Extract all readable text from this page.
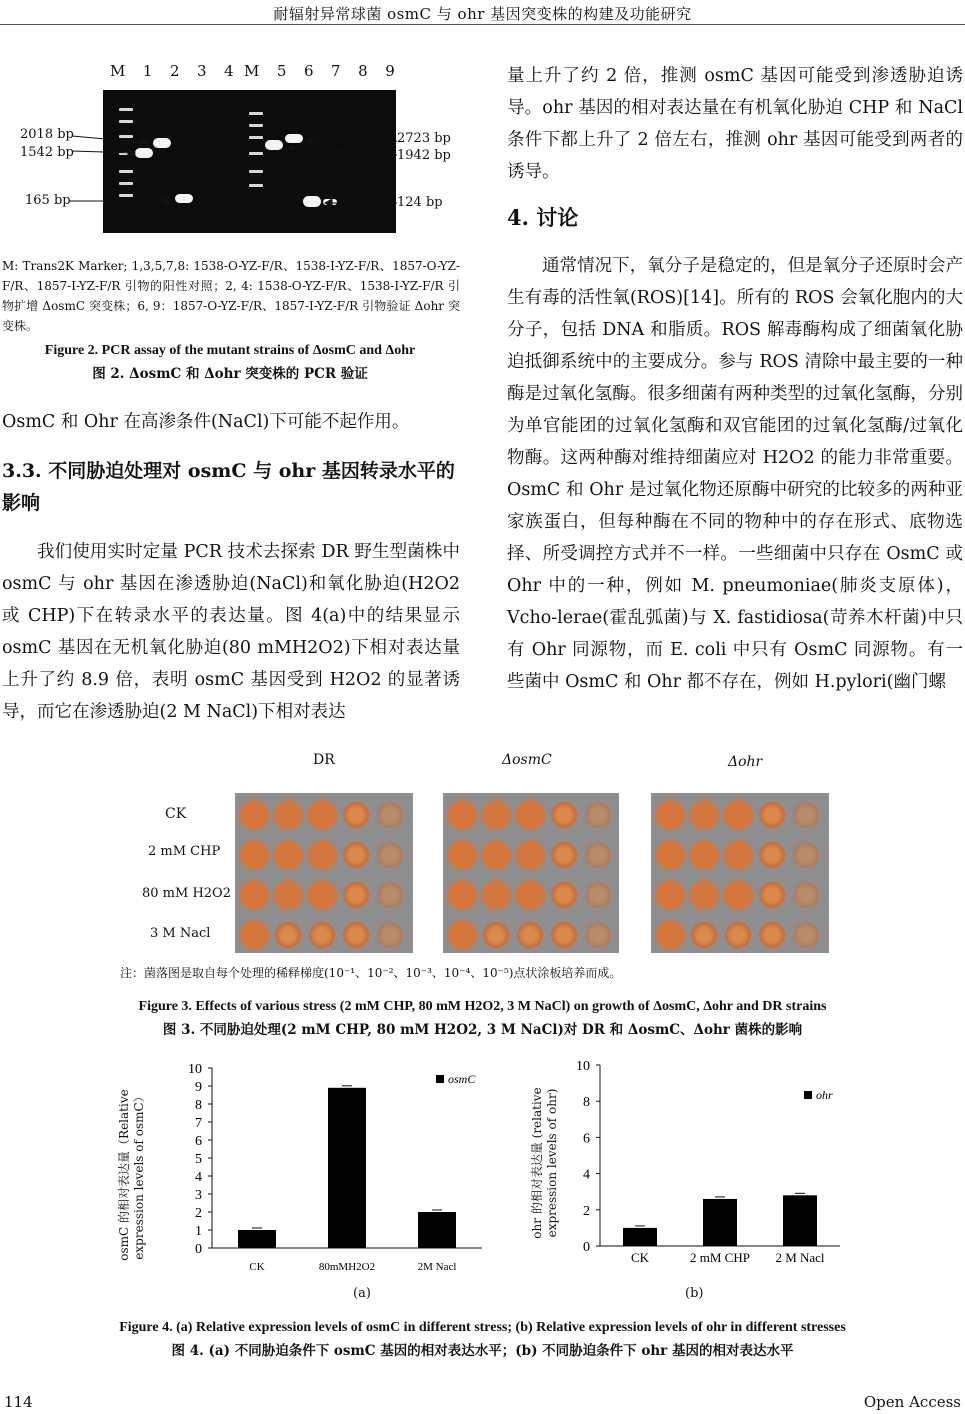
耐辐射异常球菌 osmC 与 ohr 基因突变株的构建及功能研究
M  1  2  3  4 M  5  6  7  8  9
2018 bp
1542 bp
165 bp
2723 bp
1942 bp
124 bp
M: Trans2K Marker; 1,3,5,7,8: 1538-O-YZ-F/R、1538-I-YZ-F/R、1857-O-YZ-F/R、1857-I-YZ-F/R 引物的阳性对照；2, 4: 1538-O-YZ-F/R、1538-I-YZ-F/R 引物扩增 ΔosmC 突变株；6, 9：1857-O-YZ-F/R、1857-I-YZ-F/R 引物验证 Δohr 突变株。
Figure 2. PCR assay of the mutant strains of ΔosmC and Δohr
图 2. ΔosmC 和 Δohr 突变株的 PCR 验证
OsmC 和 Ohr 在高渗条件(NaCl)下可能不起作用。
3.3. 不同胁迫处理对 osmC 与 ohr 基因转录水平的影响
我们使用实时定量 PCR 技术去探索 DR 野生型菌株中 osmC 与 ohr 基因在渗透胁迫(NaCl)和氧化胁迫(H2O2 或 CHP)下在转录水平的表达量。图 4(a)中的结果显示 osmC 基因在无机氧化胁迫(80 mMH2O2)下相对表达量上升了约 8.9 倍，表明 osmC 基因受到 H2O2 的显著诱导，而它在渗透胁迫(2 M NaCl)下相对表达
量上升了约 2 倍，推测 osmC 基因可能受到渗透胁迫诱导。ohr 基因的相对表达量在有机氧化胁迫 CHP 和 NaCl 条件下都上升了 2 倍左右，推测 ohr 基因可能受到两者的诱导。
4. 讨论
通常情况下，氧分子是稳定的，但是氧分子还原时会产生有毒的活性氧(ROS)[14]。所有的 ROS 会氧化胞内的大分子，包括 DNA 和脂质。ROS 解毒酶构成了细菌氧化胁迫抵御系统中的主要成分。参与 ROS 清除中最主要的一种酶是过氧化氢酶。很多细菌有两种类型的过氧化氢酶，分别为单官能团的过氧化氢酶和双官能团的过氧化氢酶/过氧化物酶。这两种酶对维持细菌应对 H2O2 的能力非常重要。OsmC 和 Ohr 是过氧化物还原酶中研究的比较多的两种亚家族蛋白，但每种酶在不同的物种中的存在形式、底物选择、所受调控方式并不一样。一些细菌中只存在 OsmC 或 Ohr 中的一种，例如 M. pneumoniae(肺炎支原体)，Vcho-lerae(霍乱弧菌)与 X. fastidiosa(苛养木杆菌)中只有 Ohr 同源物，而 E. coli 中只有 OsmC 同源物。有一些菌中 OsmC 和 Ohr 都不存在，例如 H.pylori(幽门螺
DR	ΔosmC	Δohr
CK
2 mM CHP
80 mM H2O2
3 M Nacl
注：菌落图是取自每个处理的稀释梯度(10⁻¹、10⁻²、10⁻³、10⁻⁴、10⁻⁵)点状涂板培养而成。
Figure 3. Effects of various stress (2 mM CHP, 80 mM H2O2, 3 M NaCl) on growth of ΔosmC, Δohr and DR strains
图 3. 不同胁迫处理(2 mM CHP, 80 mM H2O2, 3 M NaCl)对 DR 和 ΔosmC、Δohr 菌株的影响
0
1
2
3
4
5
6
7
8
9
10
CK	80mMH2O2	2M Nacl
osmC
0
2
4
6
8
10
CK	2 mM CHP 2 M Nacl
ohr
osmC 的相对表达量（Relative expression levels of osmC）	ohr 的相对表达量 (relative expression levels of ohr)
(a)	(b)
Figure 4. (a) Relative expression levels of osmC in different stress; (b) Relative expression levels of ohr in different stresses
图 4. (a) 不同胁迫条件下 osmC 基因的相对表达水平；(b) 不同胁迫条件下 ohr 基因的相对表达水平
114	Open Access
